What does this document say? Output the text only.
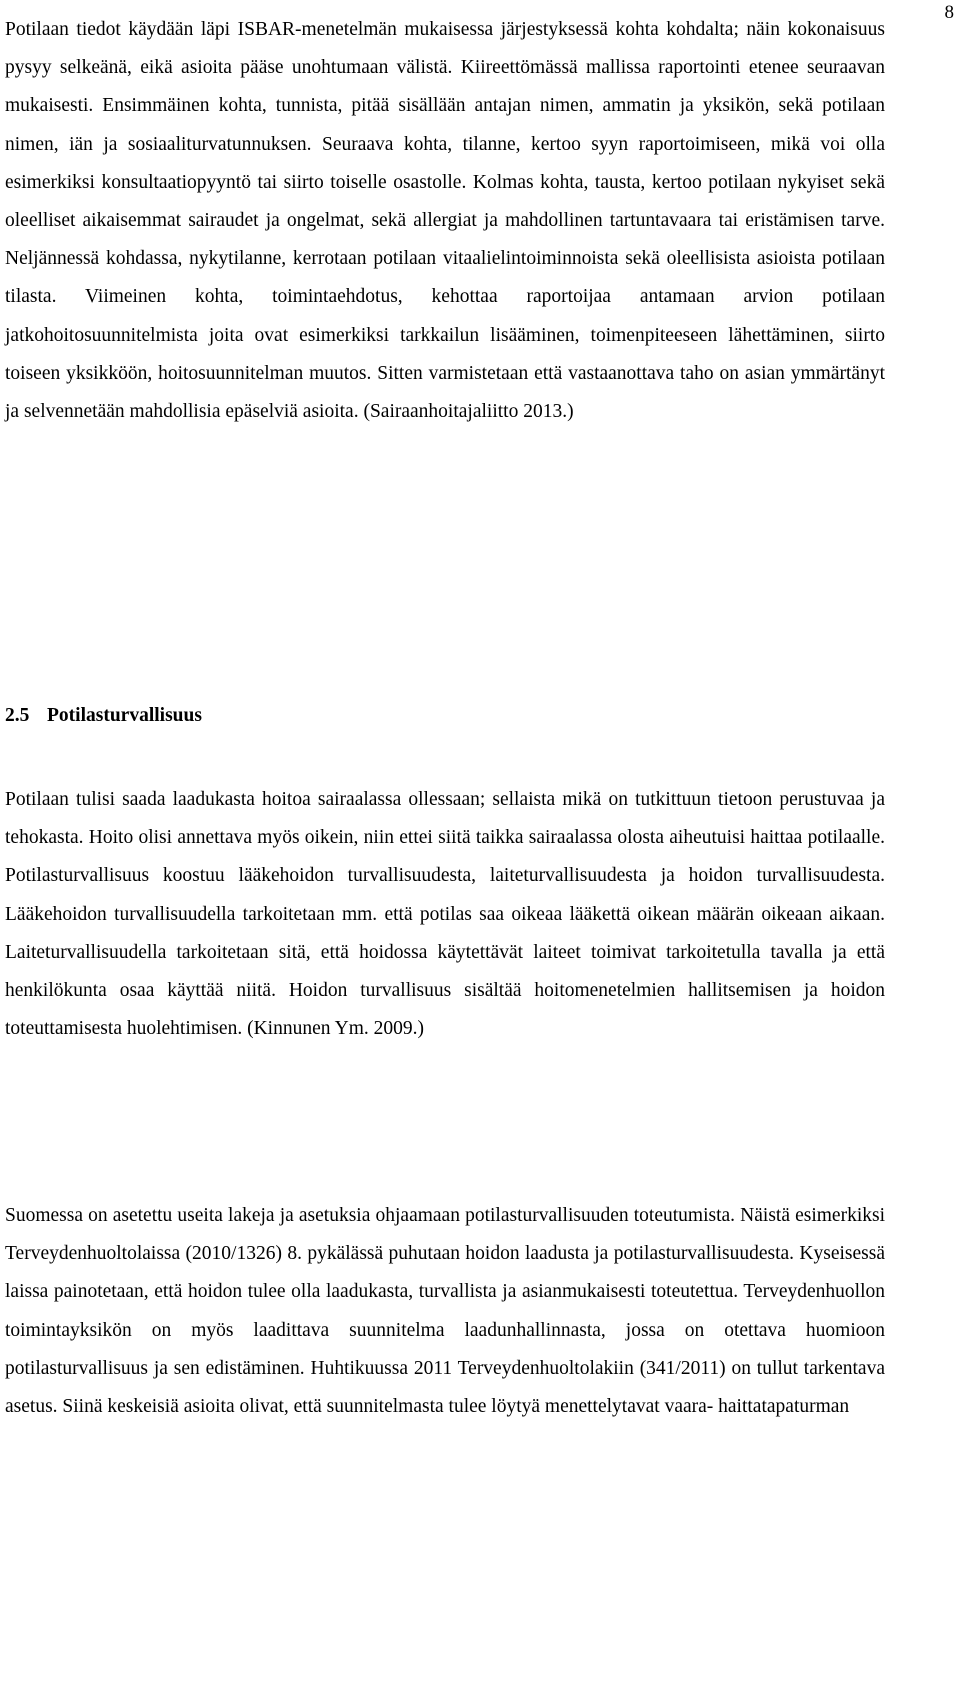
8

Potilaan tiedot käydään läpi ISBAR-menetelmän mukaisessa järjestyksessä kohta kohdalta; näin kokonaisuus pysyy selkeänä, eikä asioita pääse unohtumaan välistä. Kiireettömässä mallissa raportointi etenee seuraavan mukaisesti. Ensimmäinen kohta, tunnista, pitää sisällään antajan nimen, ammatin ja yksikön, sekä potilaan nimen, iän ja sosiaaliturvatunnuksen. Seuraava kohta, tilanne, kertoo syyn raportoimiseen, mikä voi olla esimerkiksi konsultaatiopyyntö tai siirto toiselle osastolle. Kolmas kohta, tausta, kertoo potilaan nykyiset sekä oleelliset aikaisemmat sairaudet ja ongelmat, sekä allergiat ja mahdollinen tartuntavaara tai eristämisen tarve. Neljännessä kohdassa, nykytilanne, kerrotaan potilaan vitaalielintoiminnoista sekä oleellisista asioista potilaan tilasta. Viimeinen kohta, toimintaehdotus, kehottaa raportoijaa antamaan arvion potilaan jatkohoitosuunnitelmista joita ovat esimerkiksi tarkkailun lisääminen, toimenpiteeseen lähettäminen, siirto toiseen yksikköön, hoitosuunnitelman muutos. Sitten varmistetaan että vastaanottava taho on asian ymmärtänyt ja selvennetään mahdollisia epäselviä asioita. (Sairaanhoitajaliitto 2013.)

2.5 Potilasturvallisuus

Potilaan tulisi saada laadukasta hoitoa sairaalassa ollessaan; sellaista mikä on tutkittuun tietoon perustuvaa ja tehokasta. Hoito olisi annettava myös oikein, niin ettei siitä taikka sairaalassa olosta aiheutuisi haittaa potilaalle. Potilasturvallisuus koostuu lääkehoidon turvallisuudesta, laiteturvallisuudesta ja hoidon turvallisuudesta. Lääkehoidon turvallisuudella tarkoitetaan mm. että potilas saa oikeaa lääkettä oikean määrän oikeaan aikaan. Laiteturvallisuudella tarkoitetaan sitä, että hoidossa käytettävät laiteet toimivat tarkoitetulla tavalla ja että henkilökunta osaa käyttää niitä. Hoidon turvallisuus sisältää hoitomenetelmien hallitsemisen ja hoidon toteuttamisesta huolehtimisen. (Kinnunen Ym. 2009.)

Suomessa on asetettu useita lakeja ja asetuksia ohjaamaan potilasturvallisuuden toteutumista. Näistä esimerkiksi Terveydenhuoltolaissa (2010/1326) 8. pykälässä puhutaan hoidon laadusta ja potilasturvallisuudesta. Kyseisessä laissa painotetaan, että hoidon tulee olla laadukasta, turvallista ja asianmukaisesti toteutettua. Terveydenhuollon toimintayksikön on myös laadittava suunnitelma laadunhallinnasta, jossa on otettava huomioon potilasturvallisuus ja sen edistäminen. Huhtikuussa 2011 Terveydenhuoltolakiin (341/2011) on tullut tarkentava asetus. Siinä keskeisiä asioita olivat, että suunnitelmasta tulee löytyä menettelytavat vaara- haittatapaturman
